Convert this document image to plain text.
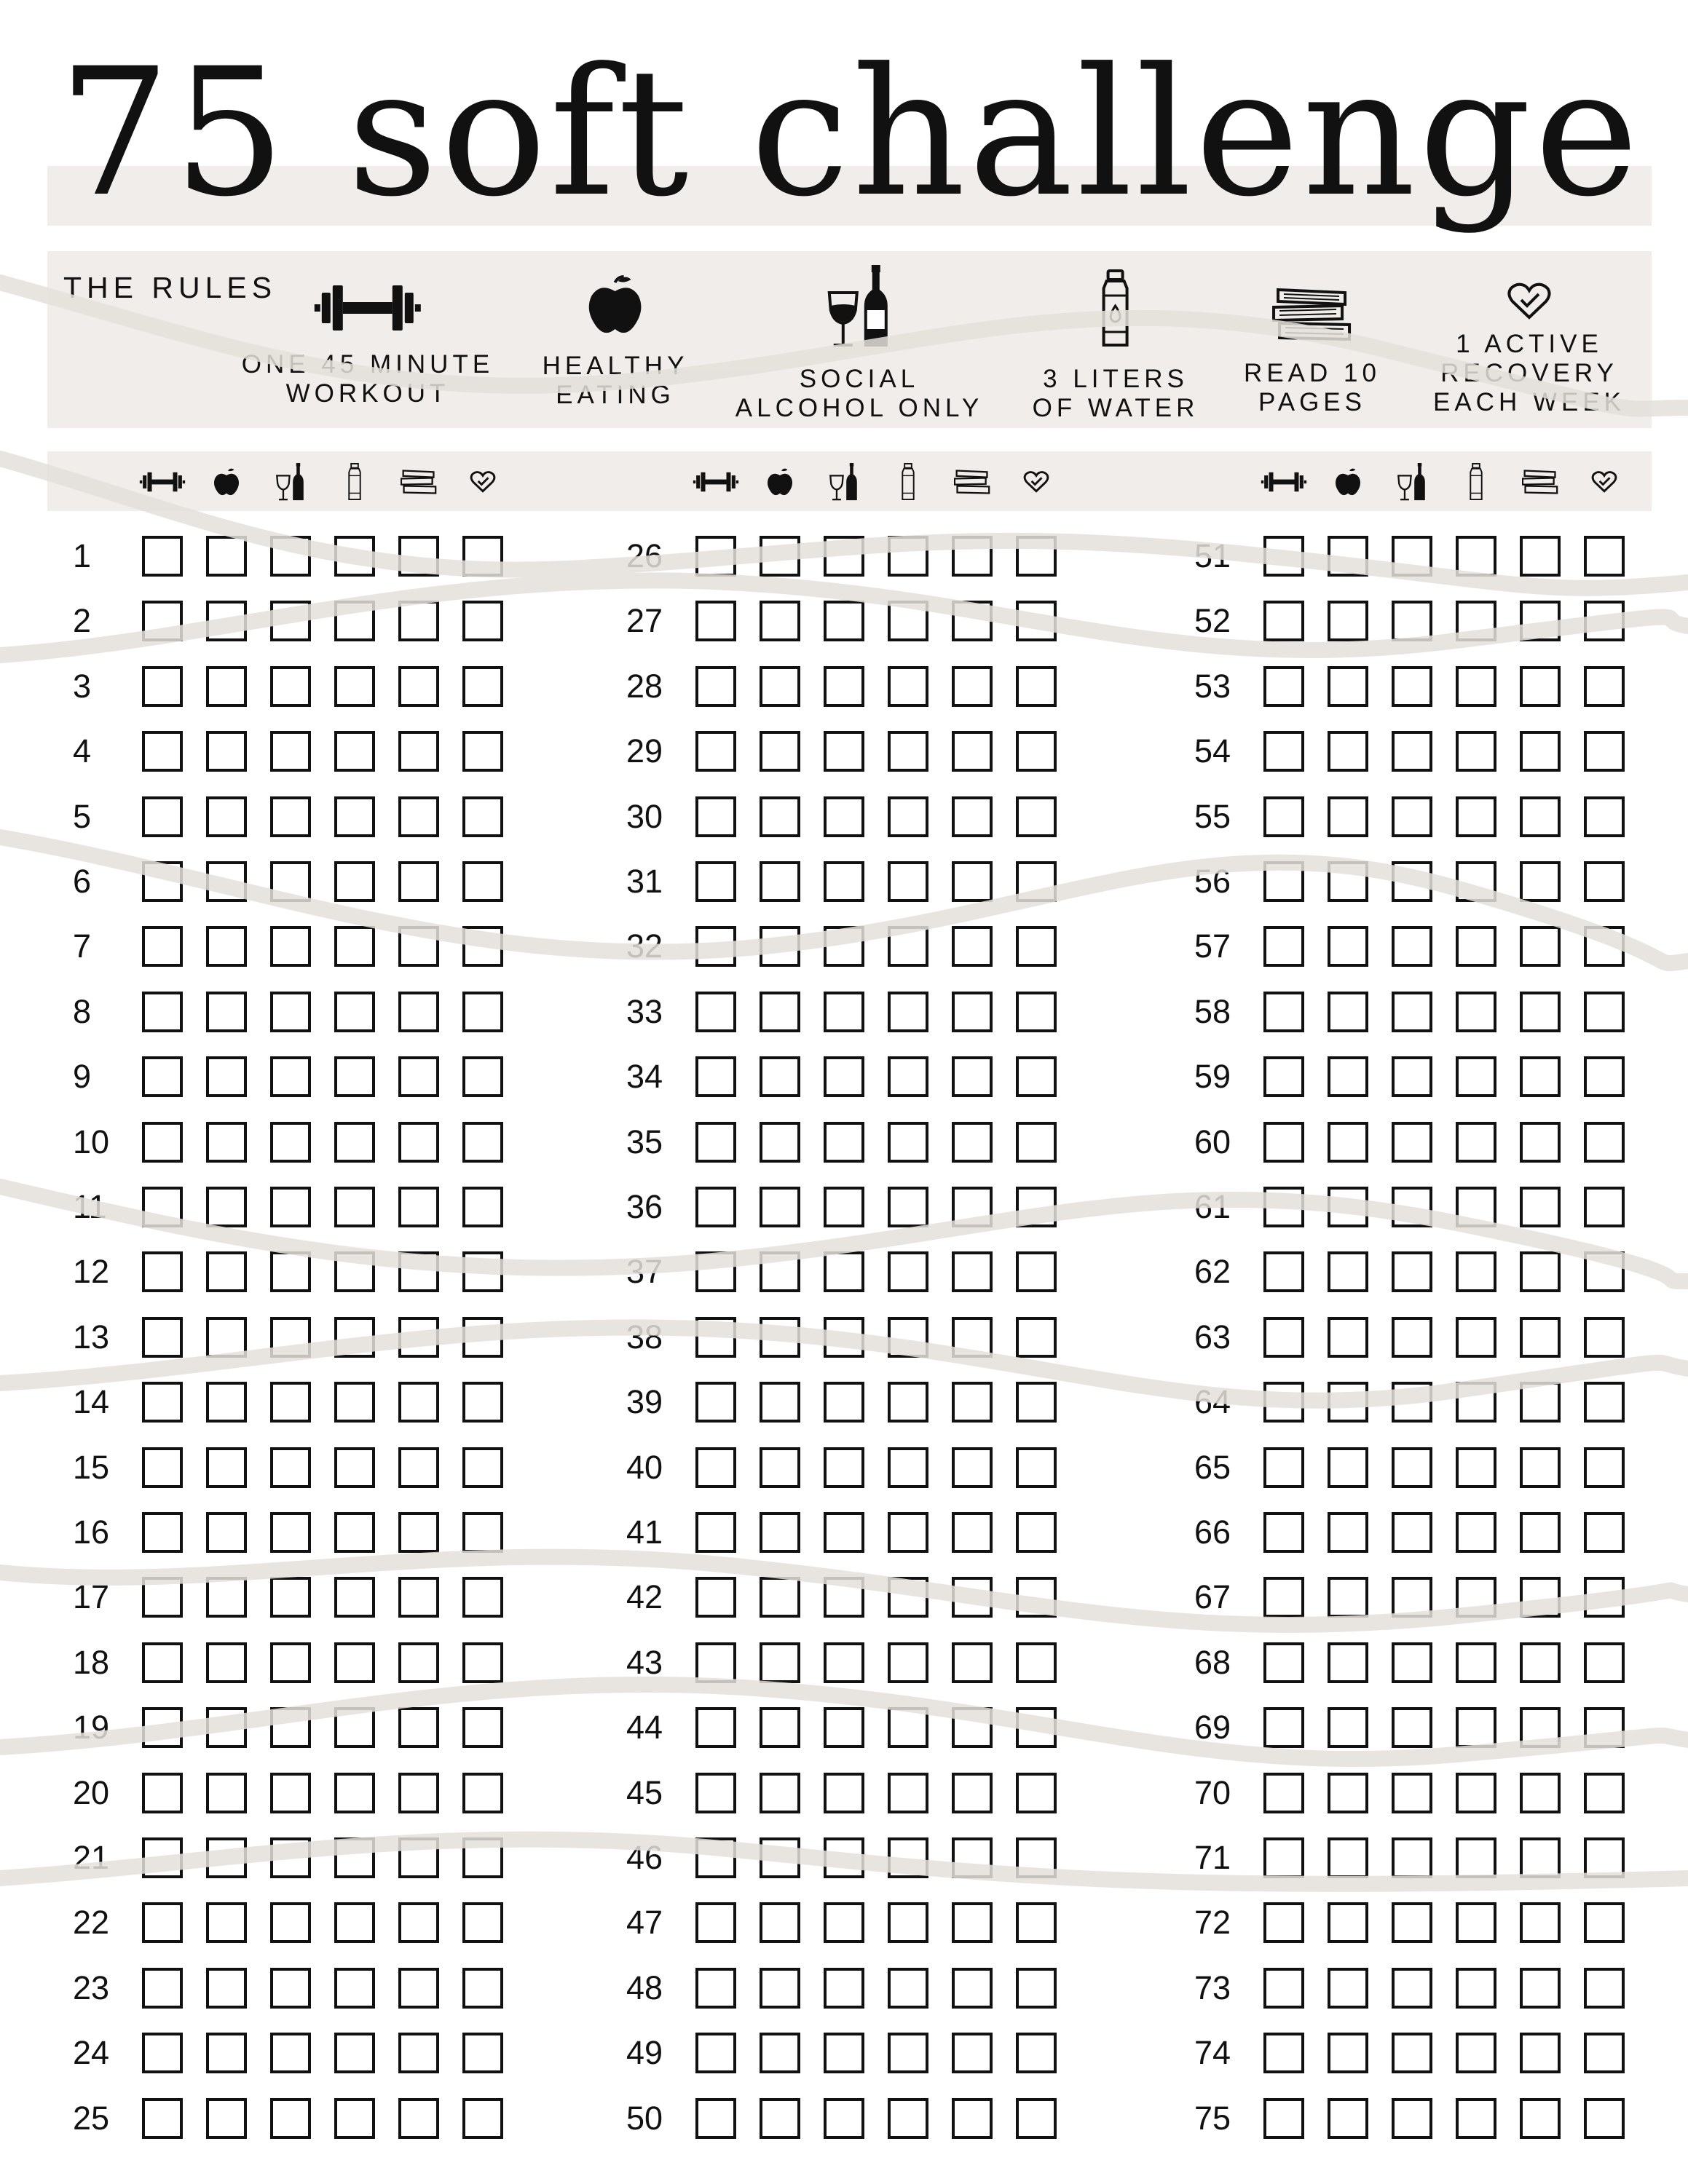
75 soft challenge
THE RULES
ONE 45 MINUTE
WORKOUT
HEALTHY
EATING
SOCIAL
ALCOHOL ONLY
3 LITERS
OF WATER
READ 10
PAGES
1 ACTIVE
RECOVERY
EACH WEEK
1
2
3
4
5
6
7
8
9
10
11
12
13
14
15
16
17
18
19
20
21
22
23
24
25
26
27
28
29
30
31
32
33
34
35
36
37
38
39
40
41
42
43
44
45
46
47
48
49
50
51
52
53
54
55
56
57
58
59
60
61
62
63
64
65
66
67
68
69
70
71
72
73
74
75
